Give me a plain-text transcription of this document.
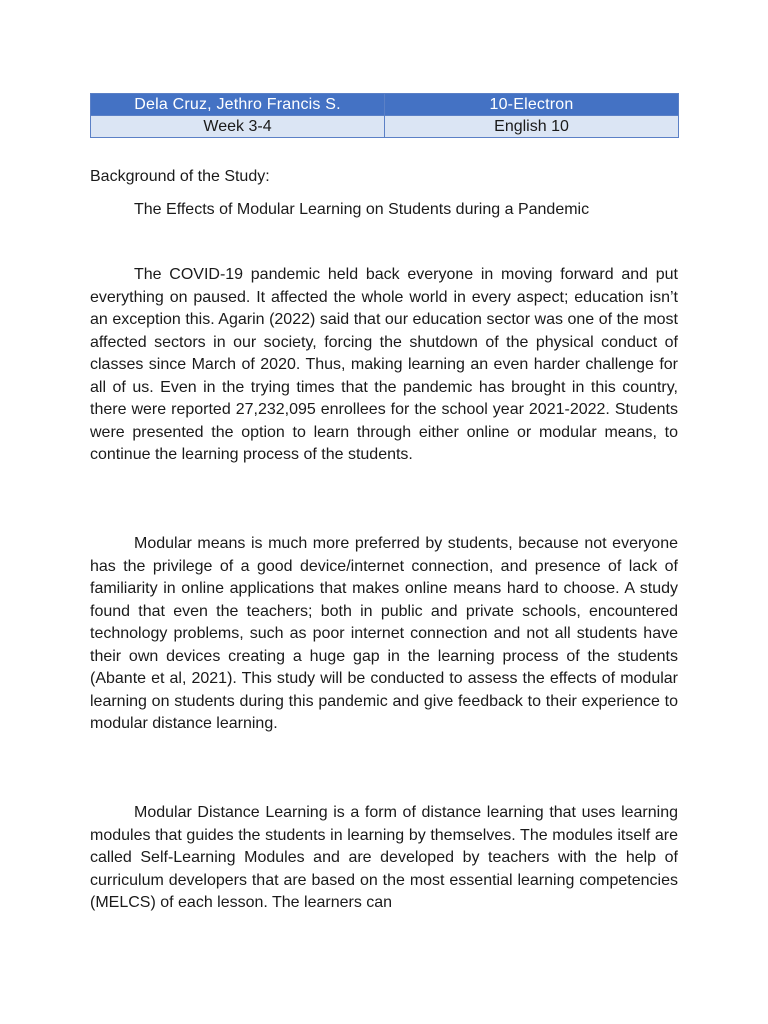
Dela Cruz, Jethro Francis S.	10-Electron
Week 3-4	English 10

Background of the Study:

The Effects of Modular Learning on Students during a Pandemic

The COVID-19 pandemic held back everyone in moving forward and put everything on paused. It affected the whole world in every aspect; education isn’t an exception this. Agarin (2022) said that our education sector was one of the most affected sectors in our society, forcing the shutdown of the physical conduct of classes since March of 2020. Thus, making learning an even harder challenge for all of us. Even in the trying times that the pandemic has brought in this country, there were reported 27,232,095 enrollees for the school year 2021-2022. Students were presented the option to learn through either online or modular means, to continue the learning process of the students.

Modular means is much more preferred by students, because not everyone has the privilege of a good device/internet connection, and presence of lack of familiarity in online applications that makes online means hard to choose. A study found that even the teachers; both in public and private schools, encountered technology problems, such as poor internet connection and not all students have their own devices creating a huge gap in the learning process of the students (Abante et al, 2021). This study will be conducted to assess the effects of modular learning on students during this pandemic and give feedback to their experience to modular distance learning.

Modular Distance Learning is a form of distance learning that uses learning modules that guides the students in learning by themselves. The modules itself are called Self-Learning Modules and are developed by teachers with the help of curriculum developers that are based on the most essential learning competencies (MELCS) of each lesson. The learners can
